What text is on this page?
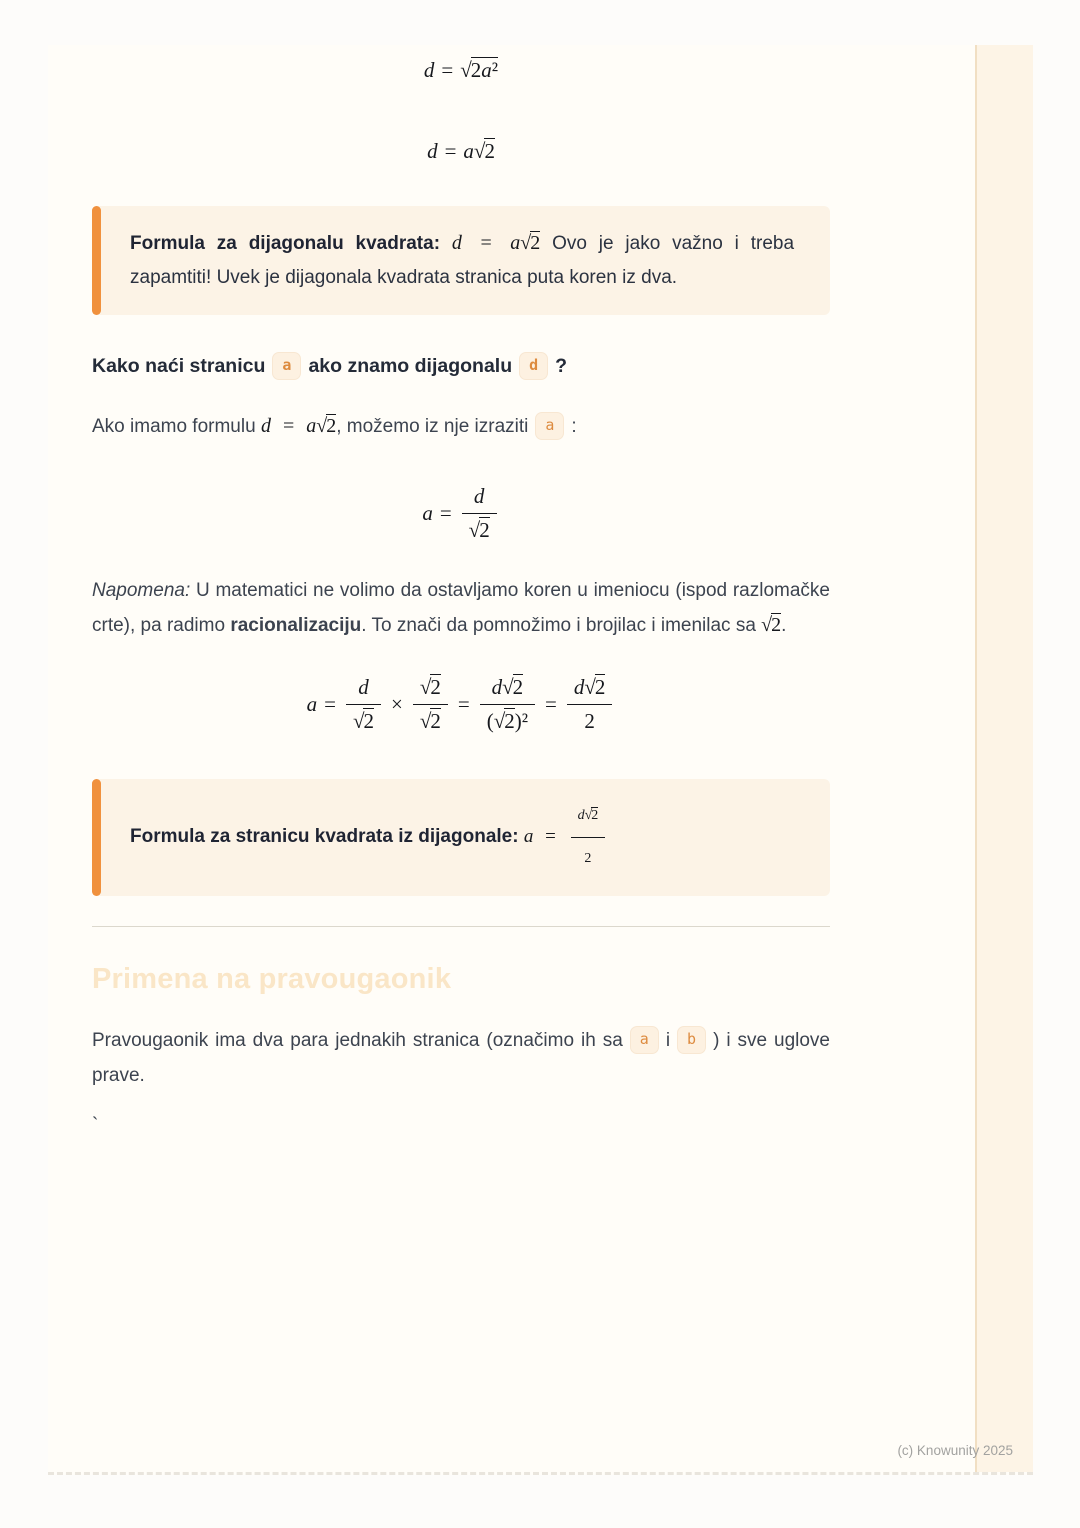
d = √ 2a²
d = a √ 2
Formula za dijagonalu kvadrata: d = a√2 Ovo je jako važno i treba zapamtiti! Uvek je dijagonala kvadrata stranica puta koren iz dva.
Kako naći stranicu a ako znamo dijagonalu d ?
Ako imamo formulu d = a√2, možemo iz nje izraziti a :
$a = \frac{d}{√2}$
Napomena: U matematici ne volimo da ostavljamo koren u imeniocu (ispod razlomačke crte), pa radimo racionalizaciju. To znači da pomnožimo i brojilac i imenilac sa √2.
$a = \frac{d}{√2} \times \frac{√2}{√2} = \frac{d√2}{\text{(√2)²}} = \frac{d√2}{2}$
Formula za stranicu kvadrata iz dijagonale: $a = \frac{d√2}{2}$
Primena na pravougaonik
Pravougaonik ima dva para jednakih stranica (označimo ih sa a i b ) i sve uglove prave.
`
(c) Knowunity 2025
